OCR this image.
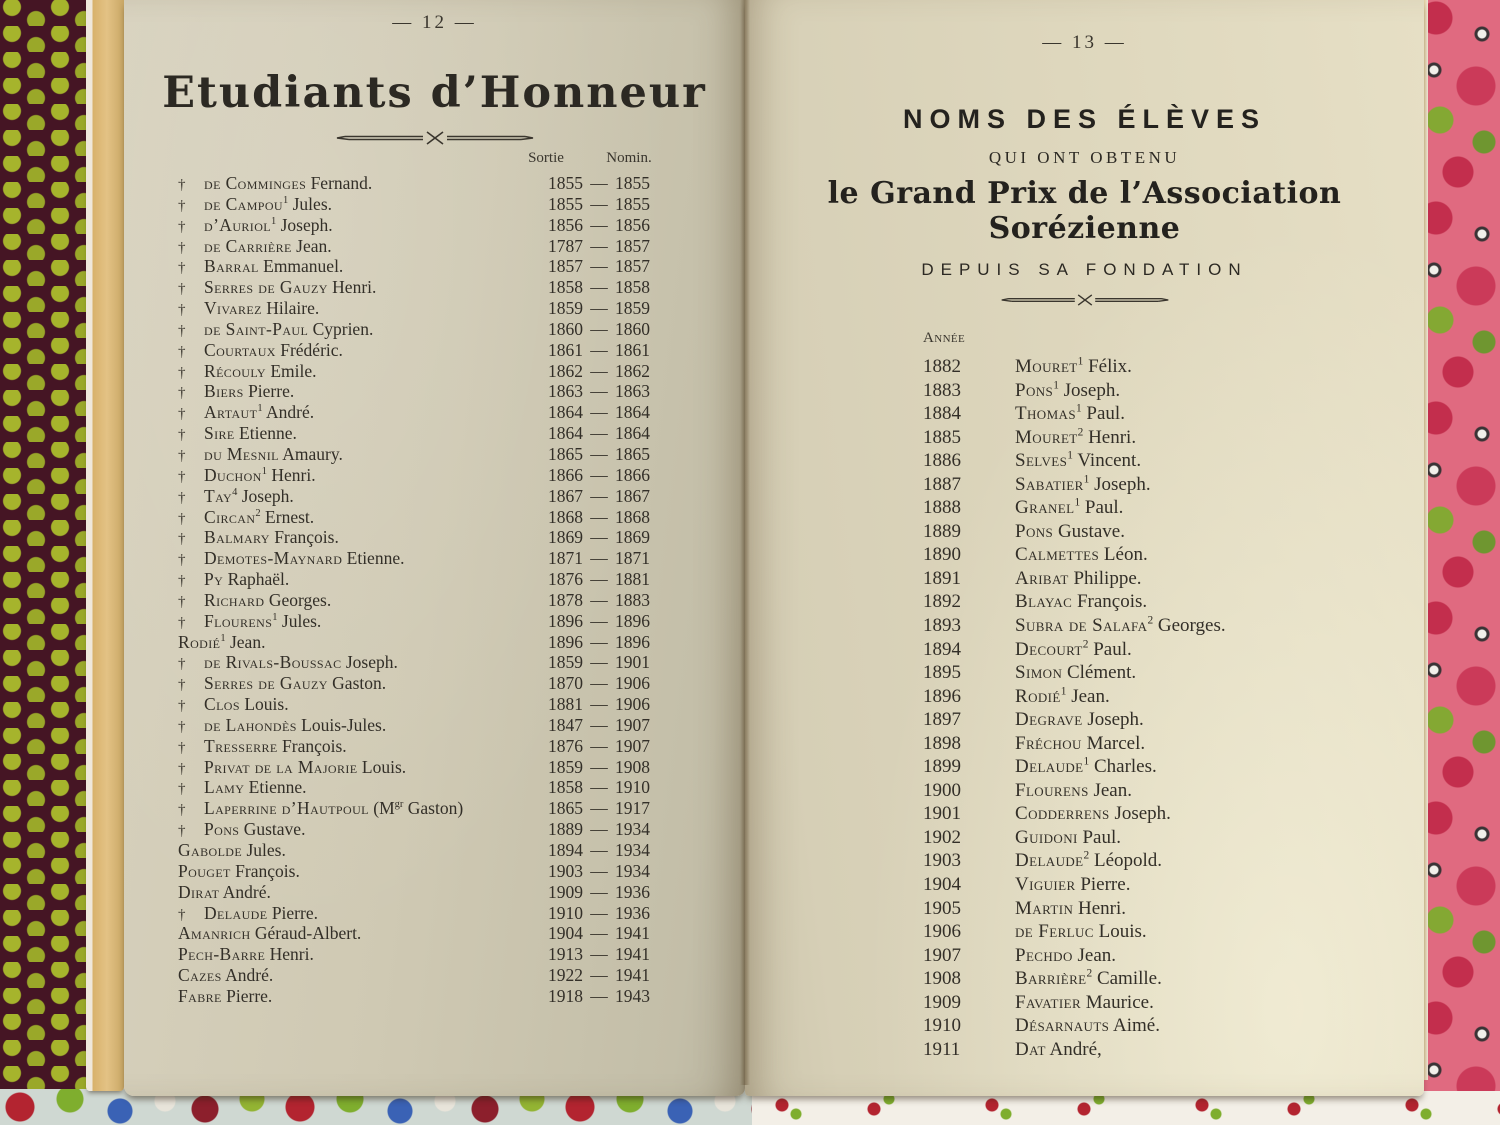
— 12 —
Etudiants d’Honneur
Sortie	Nomin.
†	de Comminges Fernand.	1855 — 1855
†	de Campou$^1$ Jules.	1855 — 1855
†	d’Auriol$^1$ Joseph.	1856 — 1856
†	de Carrière Jean.	1787 — 1857
†	Barral Emmanuel.	1857 — 1857
†	Serres de Gauzy Henri.	1858 — 1858
†	Vivarez Hilaire.	1859 — 1859
†	de Saint-Paul Cyprien.	1860 — 1860
†	Courtaux Frédéric.	1861 — 1861
†	Récouly Emile.	1862 — 1862
†	Biers Pierre.	1863 — 1863
†	Artaut$^1$ André.	1864 — 1864
†	Sire Etienne.	1864 — 1864
†	du Mesnil Amaury.	1865 — 1865
†	Duchon$^1$ Henri.	1866 — 1866
†	Tay$^4$ Joseph.	1867 — 1867
†	Circan$^2$ Ernest.	1868 — 1868
†	Balmary François.	1869 — 1869
†	Demotes-Maynard Etienne.	1871 — 1871
†	Py Raphaël.	1876 — 1881
†	Richard Georges.	1878 — 1883
†	Flourens$^1$ Jules.	1896 — 1896
Rodié$^1$ Jean.	1896 — 1896
†	de Rivals-Boussac Joseph.	1859 — 1901
†	Serres de Gauzy Gaston.	1870 — 1906
†	Clos Louis.	1881 — 1906
†	de Lahondès Louis-Jules.	1847 — 1907
†	Tresserre François.	1876 — 1907
†	Privat de la Majorie Louis.	1859 — 1908
†	Lamy Etienne.	1858 — 1910
†	Laperrine d’Hautpoul ($M^{gr}$ Gaston)	1865 — 1917
†	Pons Gustave.	1889 — 1934
Gabolde Jules.	1894 — 1934
Pouget François.	1903 — 1934
Dirat André.	1909 — 1936
†	Delaude Pierre.	1910 — 1936
Amanrich Géraud-Albert.	1904 — 1941
Pech-Barre Henri.	1913 — 1941
Cazes André.	1922 — 1941
Fabre Pierre.	1918 — 1943
— 13 —
NOMS DES ÉLÈVES
QUI ONT OBTENU
le Grand Prix de l’Association Sorézienne
DEPUIS SA FONDATION
Année
1882	Mouret$^1$ Félix.
1883	Pons$^1$ Joseph.
1884	Thomas$^1$ Paul.
1885	Mouret$^2$ Henri.
1886	Selves$^1$ Vincent.
1887	Sabatier$^1$ Joseph.
1888	Granel$^1$ Paul.
1889	Pons Gustave.
1890	Calmettes Léon.
1891	Aribat Philippe.
1892	Blayac François.
1893	Subra de Salafa$^2$ Georges.
1894	Decourt$^2$ Paul.
1895	Simon Clément.
1896	Rodié$^1$ Jean.
1897	Degrave Joseph.
1898	Fréchou Marcel.
1899	Delaude$^1$ Charles.
1900	Flourens Jean.
1901	Codderrens Joseph.
1902	Guidoni Paul.
1903	Delaude$^2$ Léopold.
1904	Viguier Pierre.
1905	Martin Henri.
1906	de Ferluc Louis.
1907	Pechdo Jean.
1908	Barrière$^2$ Camille.
1909	Favatier Maurice.
1910	Désarnauts Aimé.
1911	Dat André,
